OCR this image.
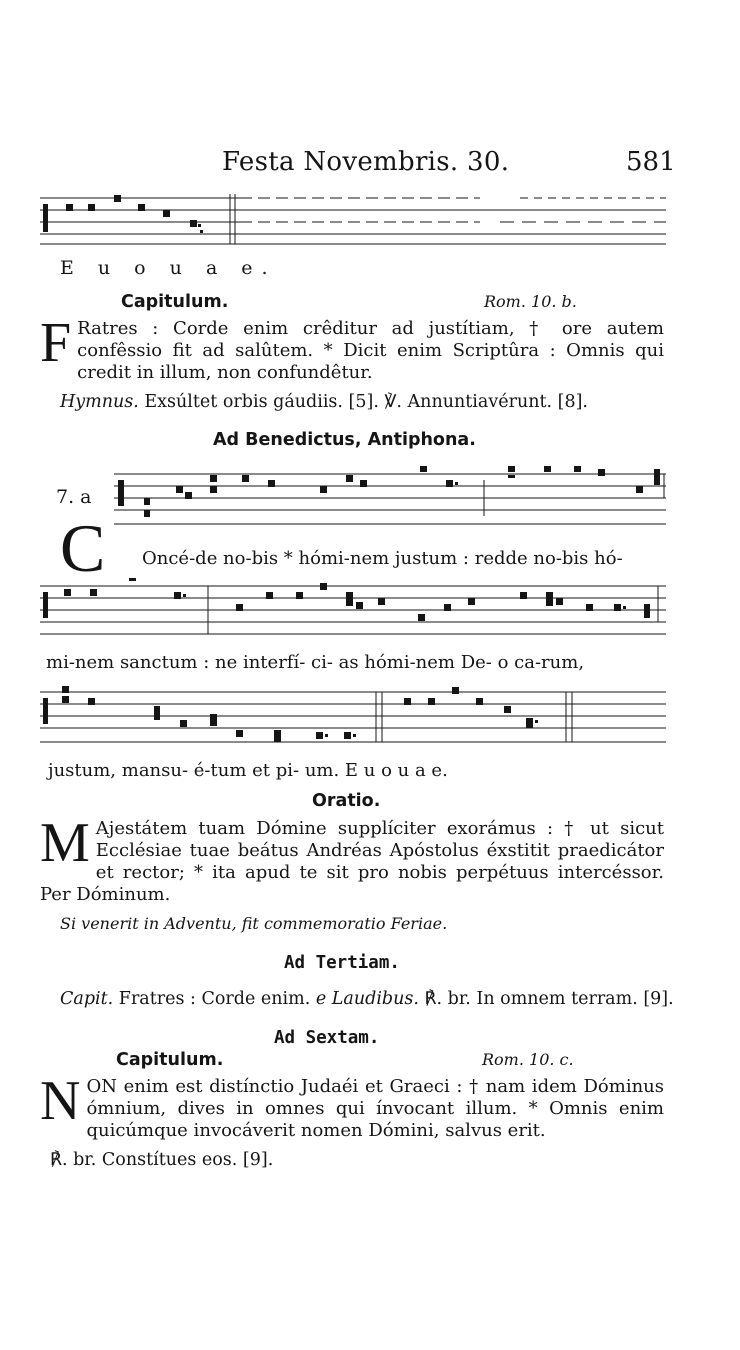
Festa Novembris. 30.	581
E u o u a e.
Capitulum.	Rom. 10. b.
F Ratres : Corde enim crêditur ad justítiam, † ore autem confêssio fit ad salûtem. * Dicit enim Scriptûra : Omnis qui credit in illum, non confundêtur.
Hymnus. Exsúltet orbis gáudiis. [5]. ℣. Annuntiavérunt. [8].
Ad Benedictus, Antiphona.
7. a
C Oncé-de no-bis * hómi-nem justum : redde no-bis hó-
mi-nem sanctum : ne interfí- ci- as hómi-nem De- o ca-rum,
justum, mansu- é-tum et pi- um. E u o u a e.
Oratio.
M Ajestátem tuam Dómine supplíciter exorámus : † ut sicut Ecclésiae tuae beátus Andréas Apóstolus éxstitit praedicátor et rector; * ita apud te sit pro nobis perpétuus intercéssor. Per Dóminum.
Si venerit in Adventu, fit commemoratio Feriae.
Ad Tertiam.
Capit. Fratres : Corde enim. e Laudibus. ℟. br. In omnem terram. [9].
Ad Sextam.
Capitulum.	Rom. 10. c.
NON enim est distínctio Judaéi et Graeci : † nam idem Dóminus ómnium, dives in omnes qui ínvocant illum. * Omnis enim quicúmque invocáverit nomen Dómini, salvus erit.
℟. br. Constítues eos. [9].
